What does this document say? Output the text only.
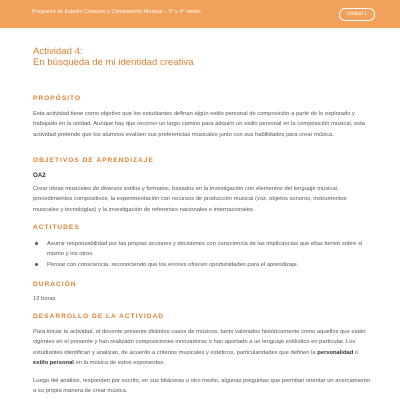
Programa de Estudio Creación y Composición Musical – 3° y 4° medio	Unidad 1
Actividad 4:
En búsqueda de mi identidad creativa
PROPÓSITO

Esta actividad tiene como objetivo que los estudiantes definan algún estilo personal de composición a partir de lo explorado y trabajado en la unidad. Aunque hay que recorrer un largo camino para adquirir un estilo personal en la composición musical, esta actividad pretende que los alumnos evalúen sus preferencias musicales junto con sus habilidades para crear música.

OBJETIVOS DE APRENDIZAJE
OA2

Crear obras musicales de diversos estilos y formatos, basados en la investigación con elementos del lenguaje musical, procedimientos compositivos, la experimentación con recursos de producción musical (voz, objetos sonoros, instrumentos musicales y tecnologías) y la investigación de referentes nacionales e internacionales.

ACTITUDES
Asumir responsabilidad por las propias acciones y decisiones con consciencia de las implicancias que ellas tienen sobre sí mismo y los otros.
Pensar con consciencia, reconociendo que los errores ofrecen oportunidades para el aprendizaje.
DURACIÓN

12 horas

DESARROLLO DE LA ACTIVIDAD

Para iniciar la actividad, el docente presente distintos casos de músicos, tanto valorados históricamente como aquellos que están vigentes en el presente y han realizado composiciones innovadoras o han aportado a un lenguaje estilístico en particular. Los estudiantes identifican y analizan, de acuerdo a criterios musicales y estéticos, particularidades que definen la personalidad o estilo personal en la música de estos exponentes.

Luego del análisis, responden por escrito, en sus bitácoras u otro medio, algunas preguntas que permitan orientar un acercamiento a su propia manera de crear música.
